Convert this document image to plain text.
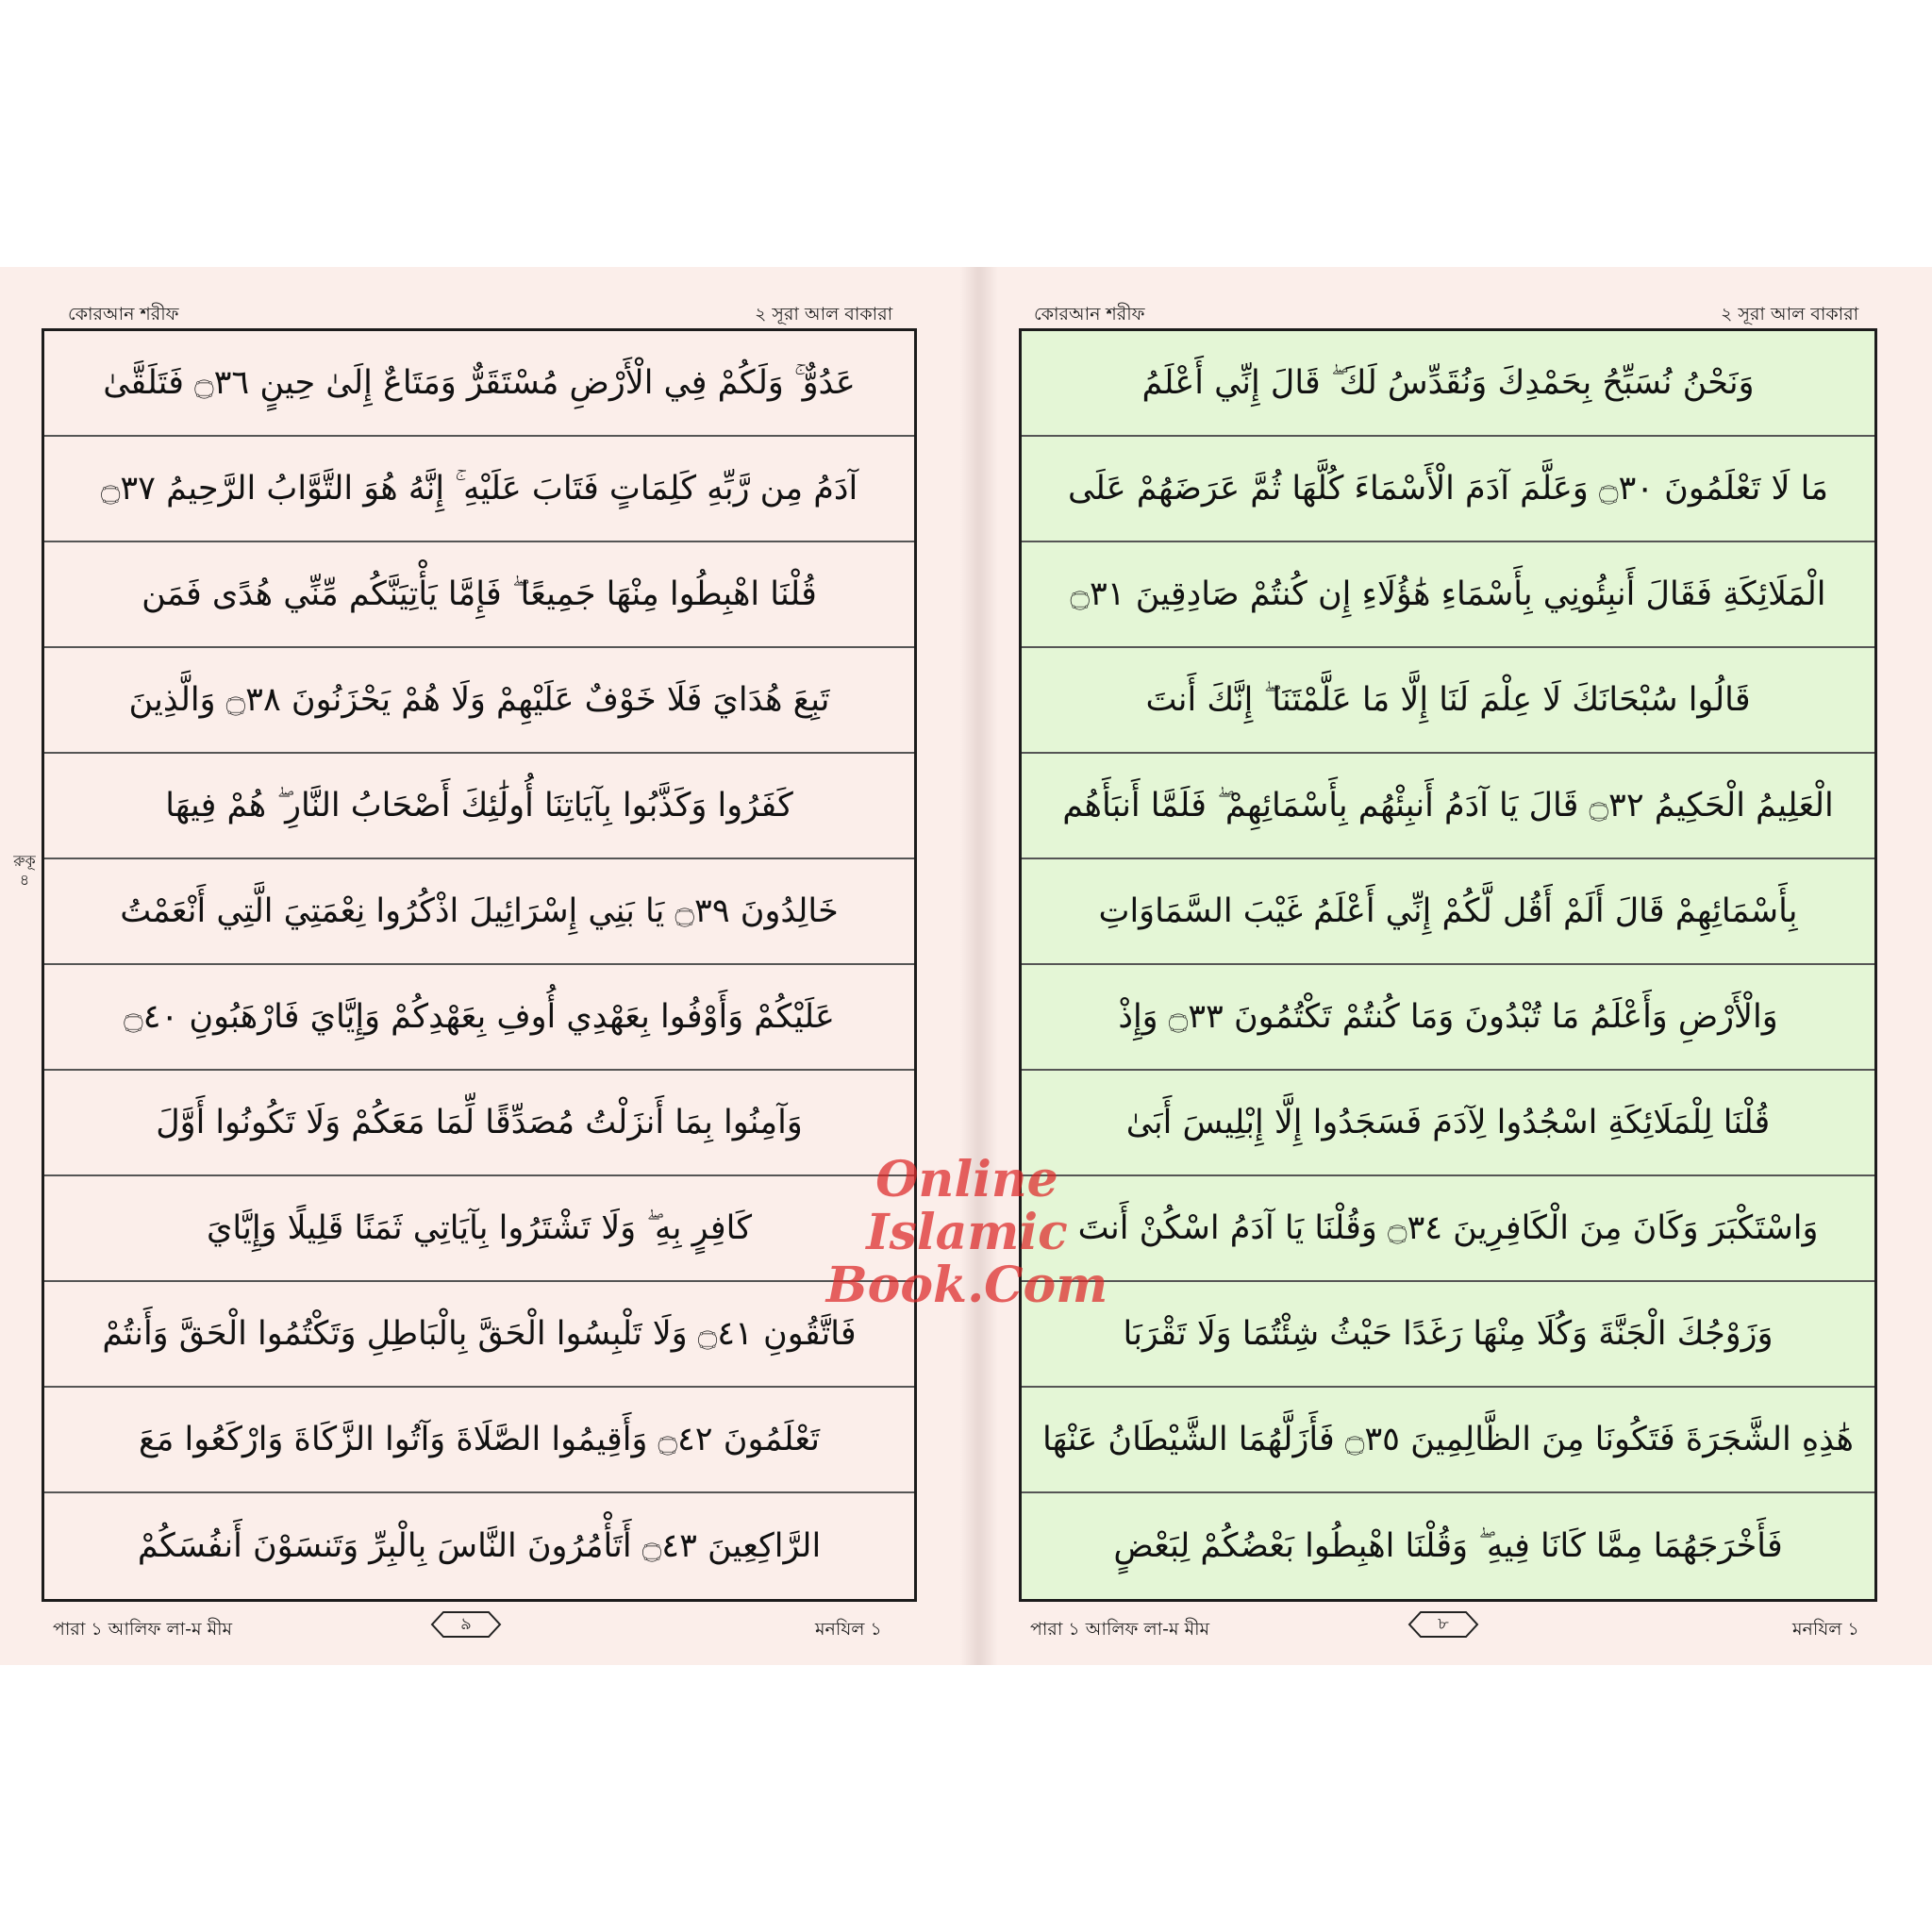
কোরআন শরীফ	২ সূরা আল বাকারা
রুকূ ৪
عَدُوٌّ ۚ وَلَكُمْ فِي الْأَرْضِ مُسْتَقَرٌّ وَمَتَاعٌ إِلَىٰ حِينٍ ۝٣٦ فَتَلَقَّىٰ
آدَمُ مِن رَّبِّهِ كَلِمَاتٍ فَتَابَ عَلَيْهِ ۚ إِنَّهُ هُوَ التَّوَّابُ الرَّحِيمُ ۝٣٧
قُلْنَا اهْبِطُوا مِنْهَا جَمِيعًا ۖ فَإِمَّا يَأْتِيَنَّكُم مِّنِّي هُدًى فَمَن
تَبِعَ هُدَايَ فَلَا خَوْفٌ عَلَيْهِمْ وَلَا هُمْ يَحْزَنُونَ ۝٣٨ وَالَّذِينَ
كَفَرُوا وَكَذَّبُوا بِآيَاتِنَا أُولَٰئِكَ أَصْحَابُ النَّارِ ۖ هُمْ فِيهَا
خَالِدُونَ ۝٣٩ يَا بَنِي إِسْرَائِيلَ اذْكُرُوا نِعْمَتِيَ الَّتِي أَنْعَمْتُ
عَلَيْكُمْ وَأَوْفُوا بِعَهْدِي أُوفِ بِعَهْدِكُمْ وَإِيَّايَ فَارْهَبُونِ ۝٤٠
وَآمِنُوا بِمَا أَنزَلْتُ مُصَدِّقًا لِّمَا مَعَكُمْ وَلَا تَكُونُوا أَوَّلَ
كَافِرٍ بِهِ ۖ وَلَا تَشْتَرُوا بِآيَاتِي ثَمَنًا قَلِيلًا وَإِيَّايَ
فَاتَّقُونِ ۝٤١ وَلَا تَلْبِسُوا الْحَقَّ بِالْبَاطِلِ وَتَكْتُمُوا الْحَقَّ وَأَنتُمْ
تَعْلَمُونَ ۝٤٢ وَأَقِيمُوا الصَّلَاةَ وَآتُوا الزَّكَاةَ وَارْكَعُوا مَعَ
الرَّاكِعِينَ ۝٤٣ أَتَأْمُرُونَ النَّاسَ بِالْبِرِّ وَتَنسَوْنَ أَنفُسَكُمْ
পারা ১ আলিফ লা-ম মীম	৯	মনযিল ১
কোরআন শরীফ	২ সূরা আল বাকারা
وَنَحْنُ نُسَبِّحُ بِحَمْدِكَ وَنُقَدِّسُ لَكَ ۖ قَالَ إِنِّي أَعْلَمُ
مَا لَا تَعْلَمُونَ ۝٣٠ وَعَلَّمَ آدَمَ الْأَسْمَاءَ كُلَّهَا ثُمَّ عَرَضَهُمْ عَلَى
الْمَلَائِكَةِ فَقَالَ أَنبِئُونِي بِأَسْمَاءِ هَٰؤُلَاءِ إِن كُنتُمْ صَادِقِينَ ۝٣١
قَالُوا سُبْحَانَكَ لَا عِلْمَ لَنَا إِلَّا مَا عَلَّمْتَنَا ۖ إِنَّكَ أَنتَ
الْعَلِيمُ الْحَكِيمُ ۝٣٢ قَالَ يَا آدَمُ أَنبِئْهُم بِأَسْمَائِهِمْ ۖ فَلَمَّا أَنبَأَهُم
بِأَسْمَائِهِمْ قَالَ أَلَمْ أَقُل لَّكُمْ إِنِّي أَعْلَمُ غَيْبَ السَّمَاوَاتِ
وَالْأَرْضِ وَأَعْلَمُ مَا تُبْدُونَ وَمَا كُنتُمْ تَكْتُمُونَ ۝٣٣ وَإِذْ
قُلْنَا لِلْمَلَائِكَةِ اسْجُدُوا لِآدَمَ فَسَجَدُوا إِلَّا إِبْلِيسَ أَبَىٰ
وَاسْتَكْبَرَ وَكَانَ مِنَ الْكَافِرِينَ ۝٣٤ وَقُلْنَا يَا آدَمُ اسْكُنْ أَنتَ
وَزَوْجُكَ الْجَنَّةَ وَكُلَا مِنْهَا رَغَدًا حَيْثُ شِئْتُمَا وَلَا تَقْرَبَا
هَٰذِهِ الشَّجَرَةَ فَتَكُونَا مِنَ الظَّالِمِينَ ۝٣٥ فَأَزَلَّهُمَا الشَّيْطَانُ عَنْهَا
فَأَخْرَجَهُمَا مِمَّا كَانَا فِيهِ ۖ وَقُلْنَا اهْبِطُوا بَعْضُكُمْ لِبَعْضٍ
পারা ১ আলিফ লা-ম মীম	৮	মনযিল ১
Online Islamic
Book.Com
